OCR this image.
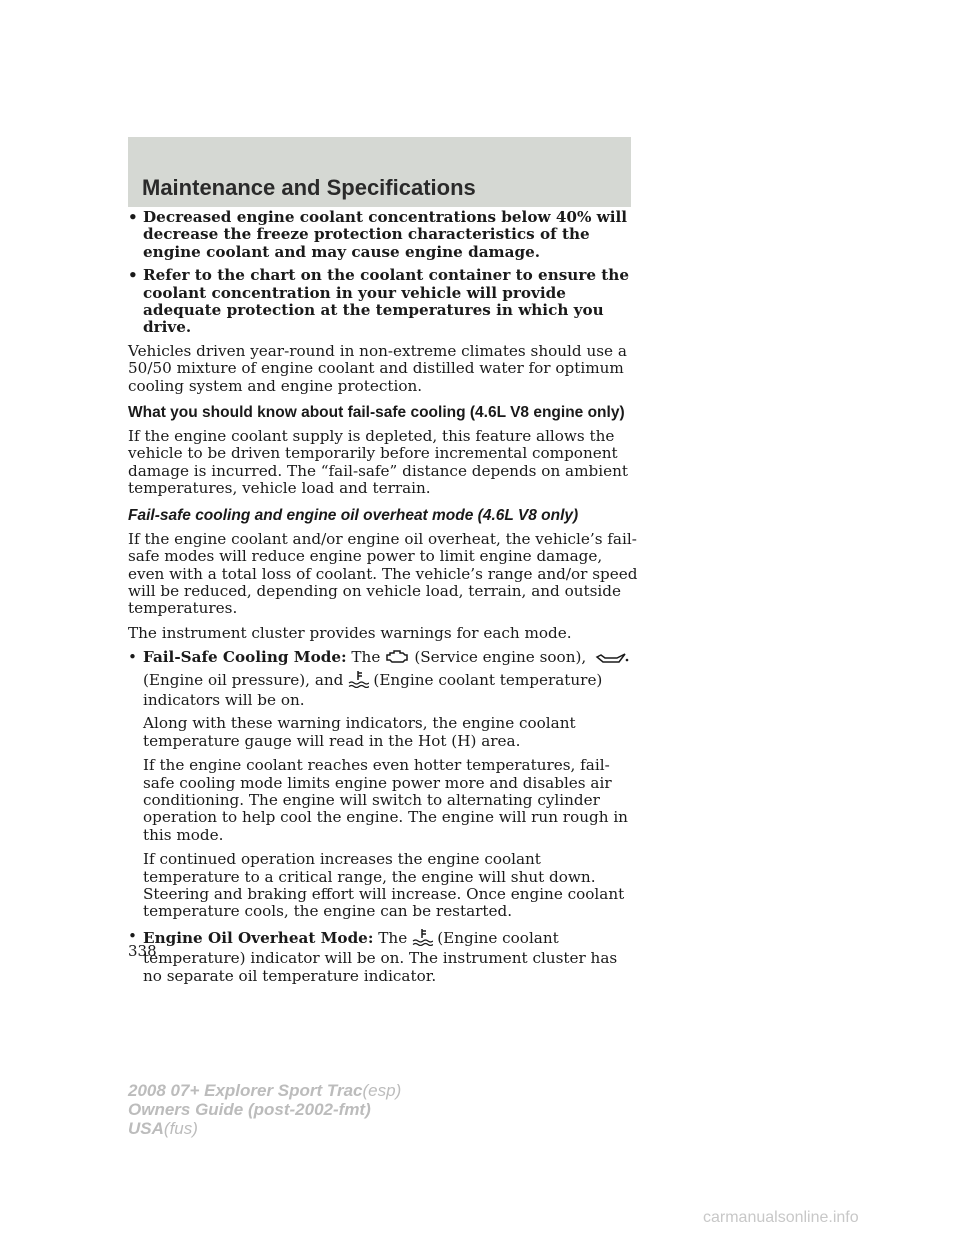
Maintenance and Specifications
• Decreased engine coolant concentrations below 40% will decrease the freeze protection characteristics of the engine coolant and may cause engine damage.
• Refer to the chart on the coolant container to ensure the coolant concentration in your vehicle will provide adequate protection at the temperatures in which you drive.

Vehicles driven year-round in non-extreme climates should use a 50/50 mixture of engine coolant and distilled water for optimum cooling system and engine protection.

What you should know about fail-safe cooling (4.6L V8 engine only)

If the engine coolant supply is depleted, this feature allows the vehicle to be driven temporarily before incremental component damage is incurred. The “fail-safe” distance depends on ambient temperatures, vehicle load and terrain.

Fail-safe cooling and engine oil overheat mode (4.6L V8 only)

If the engine coolant and/or engine oil overheat, the vehicle’s fail-safe modes will reduce engine power to limit engine damage, even with a total loss of coolant. The vehicle’s range and/or speed will be reduced, depending on vehicle load, terrain, and outside temperatures.

The instrument cluster provides warnings for each mode.

• Fail-Safe Cooling Mode: The (Service engine soon), (Engine oil pressure), and (Engine coolant temperature) indicators will be on.

Along with these warning indicators, the engine coolant temperature gauge will read in the Hot (H) area.

If the engine coolant reaches even hotter temperatures, fail-safe cooling mode limits engine power more and disables air conditioning. The engine will switch to alternating cylinder operation to help cool the engine. The engine will run rough in this mode.

If continued operation increases the engine coolant temperature to a critical range, the engine will shut down. Steering and braking effort will increase. Once engine coolant temperature cools, the engine can be restarted.

• Engine Oil Overheat Mode: The (Engine coolant temperature) indicator will be on. The instrument cluster has no separate oil temperature indicator.
338
2008 07+ Explorer Sport Trac(esp)
Owners Guide (post-2002-fmt)
USA(fus)
carmanualsonline.info
